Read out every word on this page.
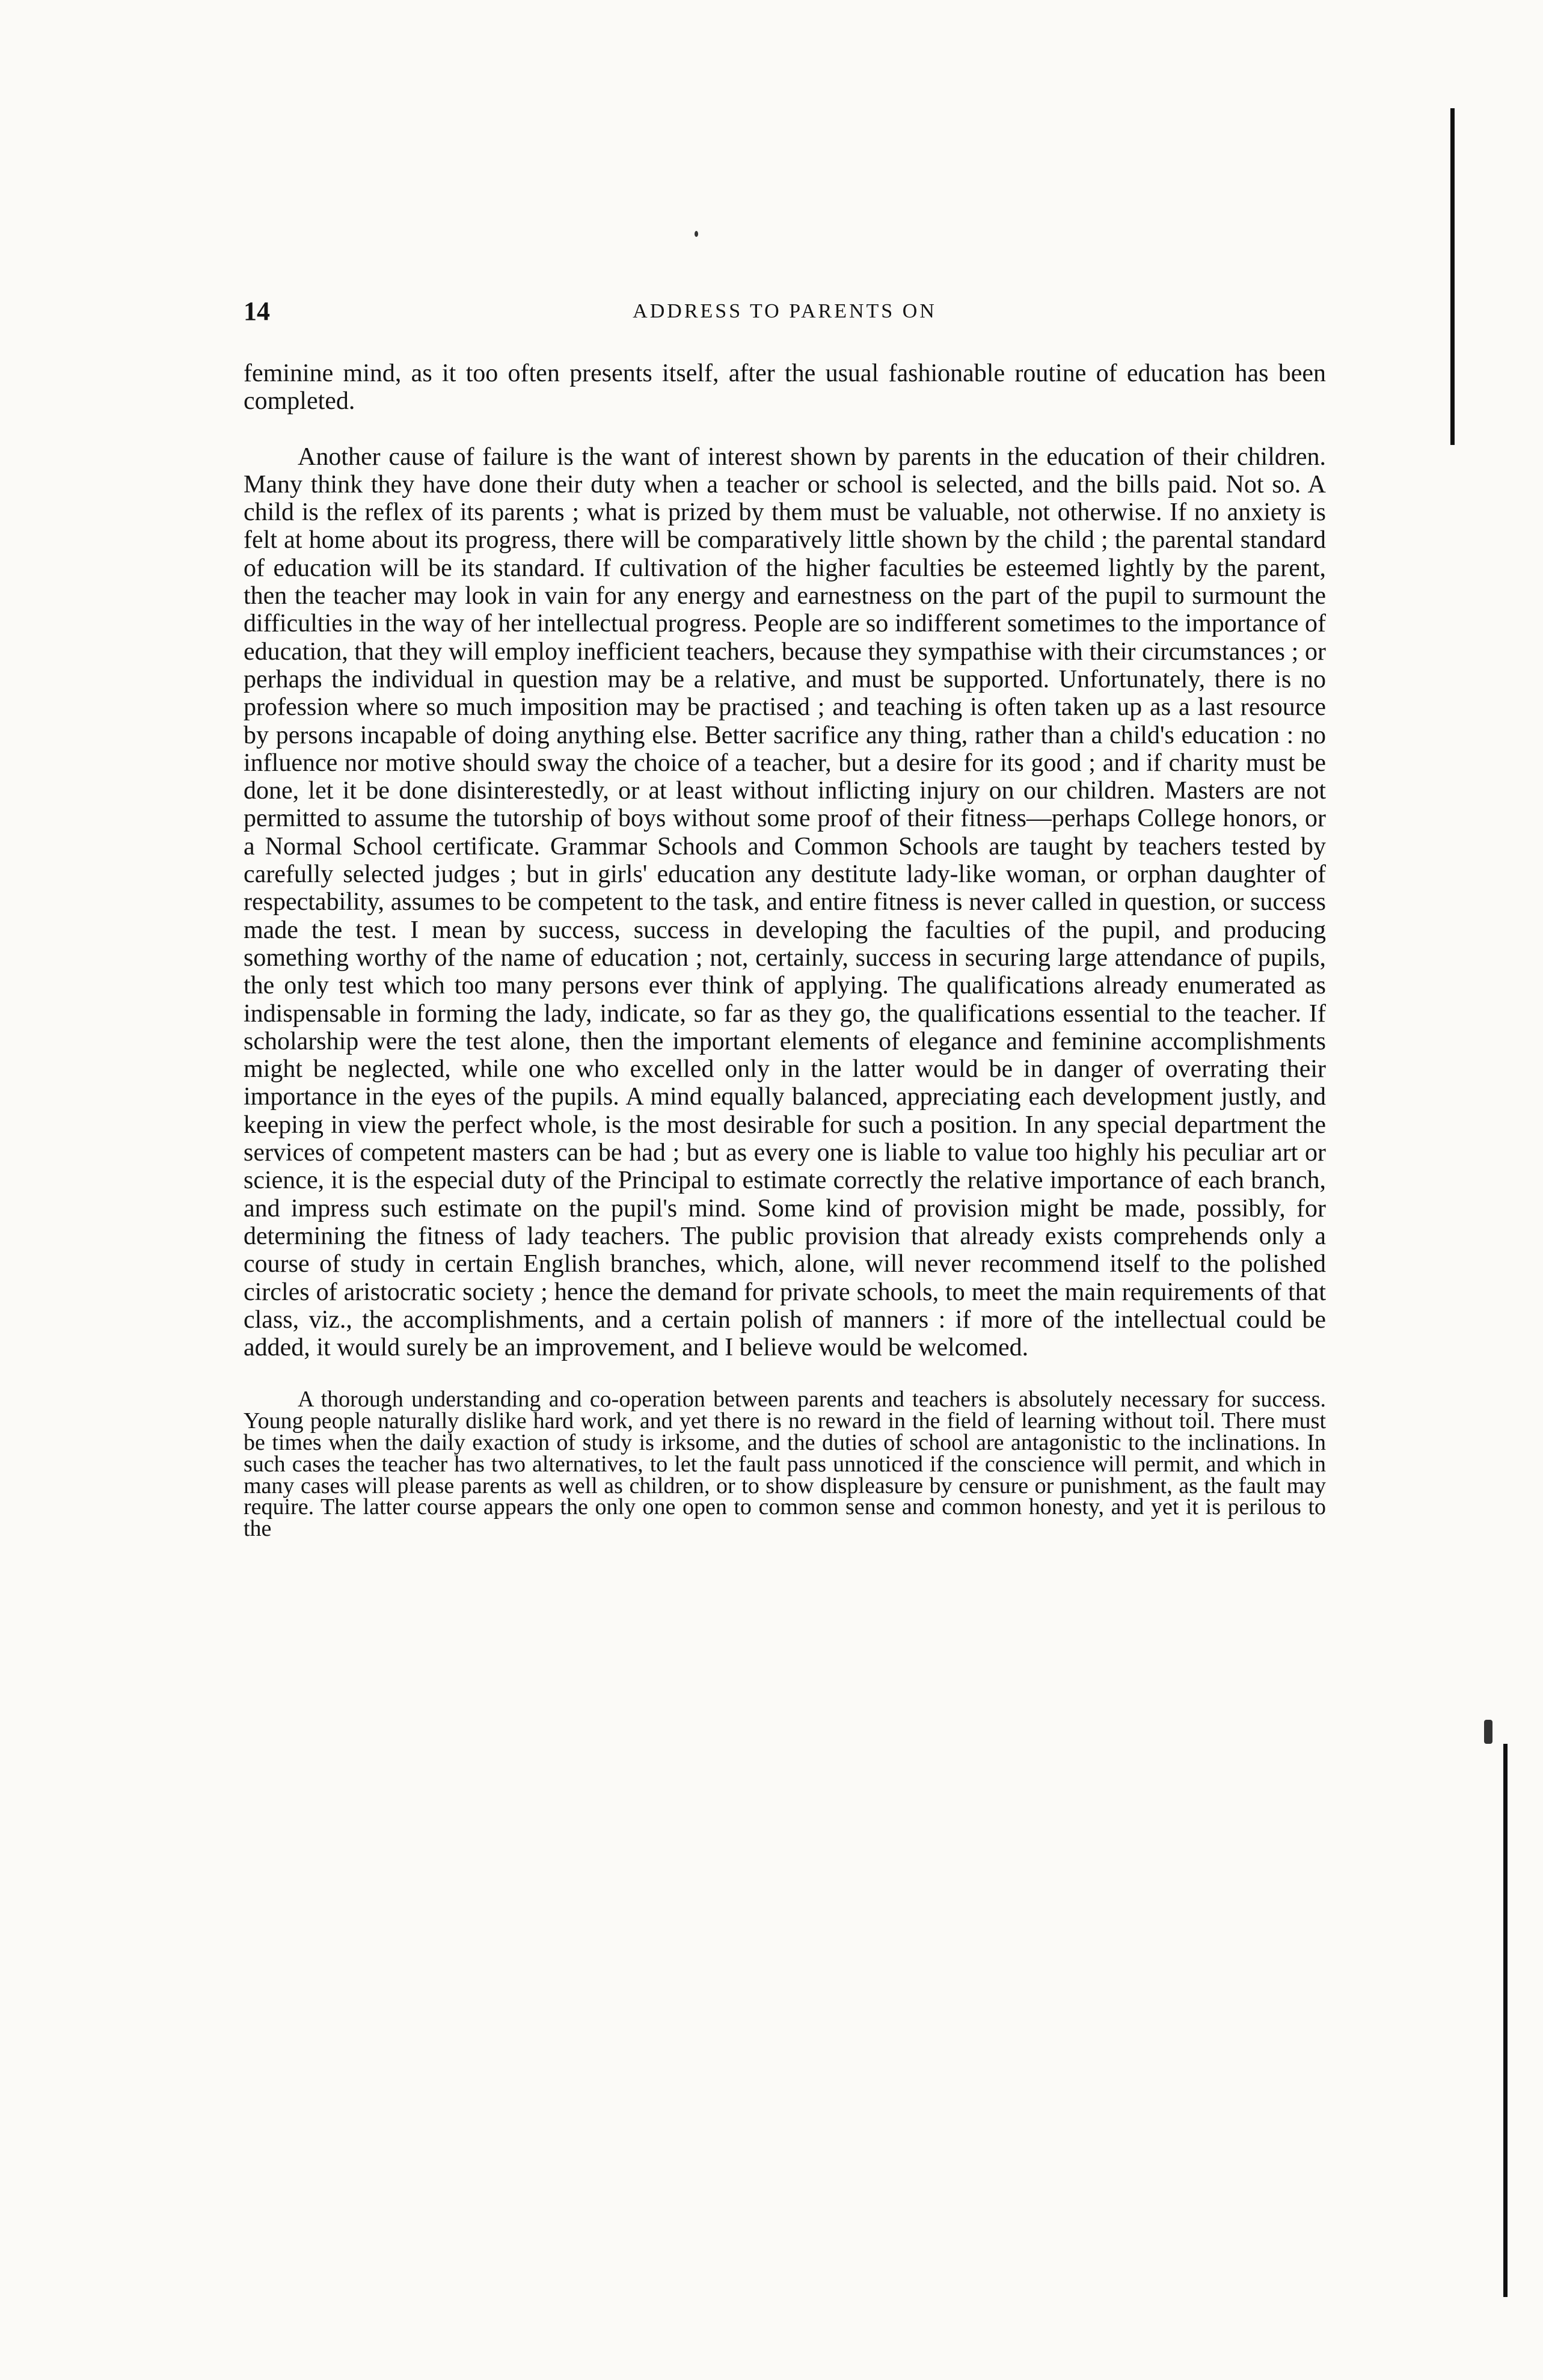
14	ADDRESS TO PARENTS ON

feminine mind, as it too often presents itself, after the usual fashionable routine of education has been completed.

Another cause of failure is the want of interest shown by parents in the education of their children. Many think they have done their duty when a teacher or school is selected, and the bills paid. Not so. A child is the reflex of its parents ; what is prized by them must be valuable, not otherwise. If no anxiety is felt at home about its progress, there will be comparatively little shown by the child ; the parental standard of education will be its standard. If cultivation of the higher faculties be esteemed lightly by the parent, then the teacher may look in vain for any energy and earnestness on the part of the pupil to surmount the difficulties in the way of her intellectual progress. People are so indifferent sometimes to the importance of education, that they will employ inefficient teachers, because they sympathise with their circumstances ; or perhaps the individual in question may be a relative, and must be supported. Unfortunately, there is no profession where so much imposition may be practised ; and teaching is often taken up as a last resource by persons incapable of doing anything else. Better sacrifice any thing, rather than a child's education : no influence nor motive should sway the choice of a teacher, but a desire for its good ; and if charity must be done, let it be done disinterestedly, or at least without inflicting injury on our children. Masters are not permitted to assume the tutorship of boys without some proof of their fitness—perhaps College honors, or a Normal School certificate. Grammar Schools and Common Schools are taught by teachers tested by carefully selected judges ; but in girls' education any destitute lady-like woman, or orphan daughter of respectability, assumes to be competent to the task, and entire fitness is never called in question, or success made the test. I mean by success, success in developing the faculties of the pupil, and producing something worthy of the name of education ; not, certainly, success in securing large attendance of pupils, the only test which too many persons ever think of applying. The qualifications already enumerated as indispensable in forming the lady, indicate, so far as they go, the qualifications essential to the teacher. If scholarship were the test alone, then the important elements of elegance and feminine accomplishments might be neglected, while one who excelled only in the latter would be in danger of overrating their importance in the eyes of the pupils. A mind equally balanced, appreciating each development justly, and keeping in view the perfect whole, is the most desirable for such a position. In any special department the services of competent masters can be had ; but as every one is liable to value too highly his peculiar art or science, it is the especial duty of the Principal to estimate correctly the relative importance of each branch, and impress such estimate on the pupil's mind. Some kind of provision might be made, possibly, for determining the fitness of lady teachers. The public provision that already exists comprehends only a course of study in certain English branches, which, alone, will never recommend itself to the polished circles of aristocratic society ; hence the demand for private schools, to meet the main requirements of that class, viz., the accomplishments, and a certain polish of manners : if more of the intellectual could be added, it would surely be an improvement, and I believe would be welcomed.

A thorough understanding and co-operation between parents and teachers is absolutely necessary for success. Young people naturally dislike hard work, and yet there is no reward in the field of learning without toil. There must be times when the daily exaction of study is irksome, and the duties of school are antagonistic to the inclinations. In such cases the teacher has two alternatives, to let the fault pass unnoticed if the conscience will permit, and which in many cases will please parents as well as children, or to show displeasure by censure or punishment, as the fault may require. The latter course appears the only one open to common sense and common honesty, and yet it is perilous to the
